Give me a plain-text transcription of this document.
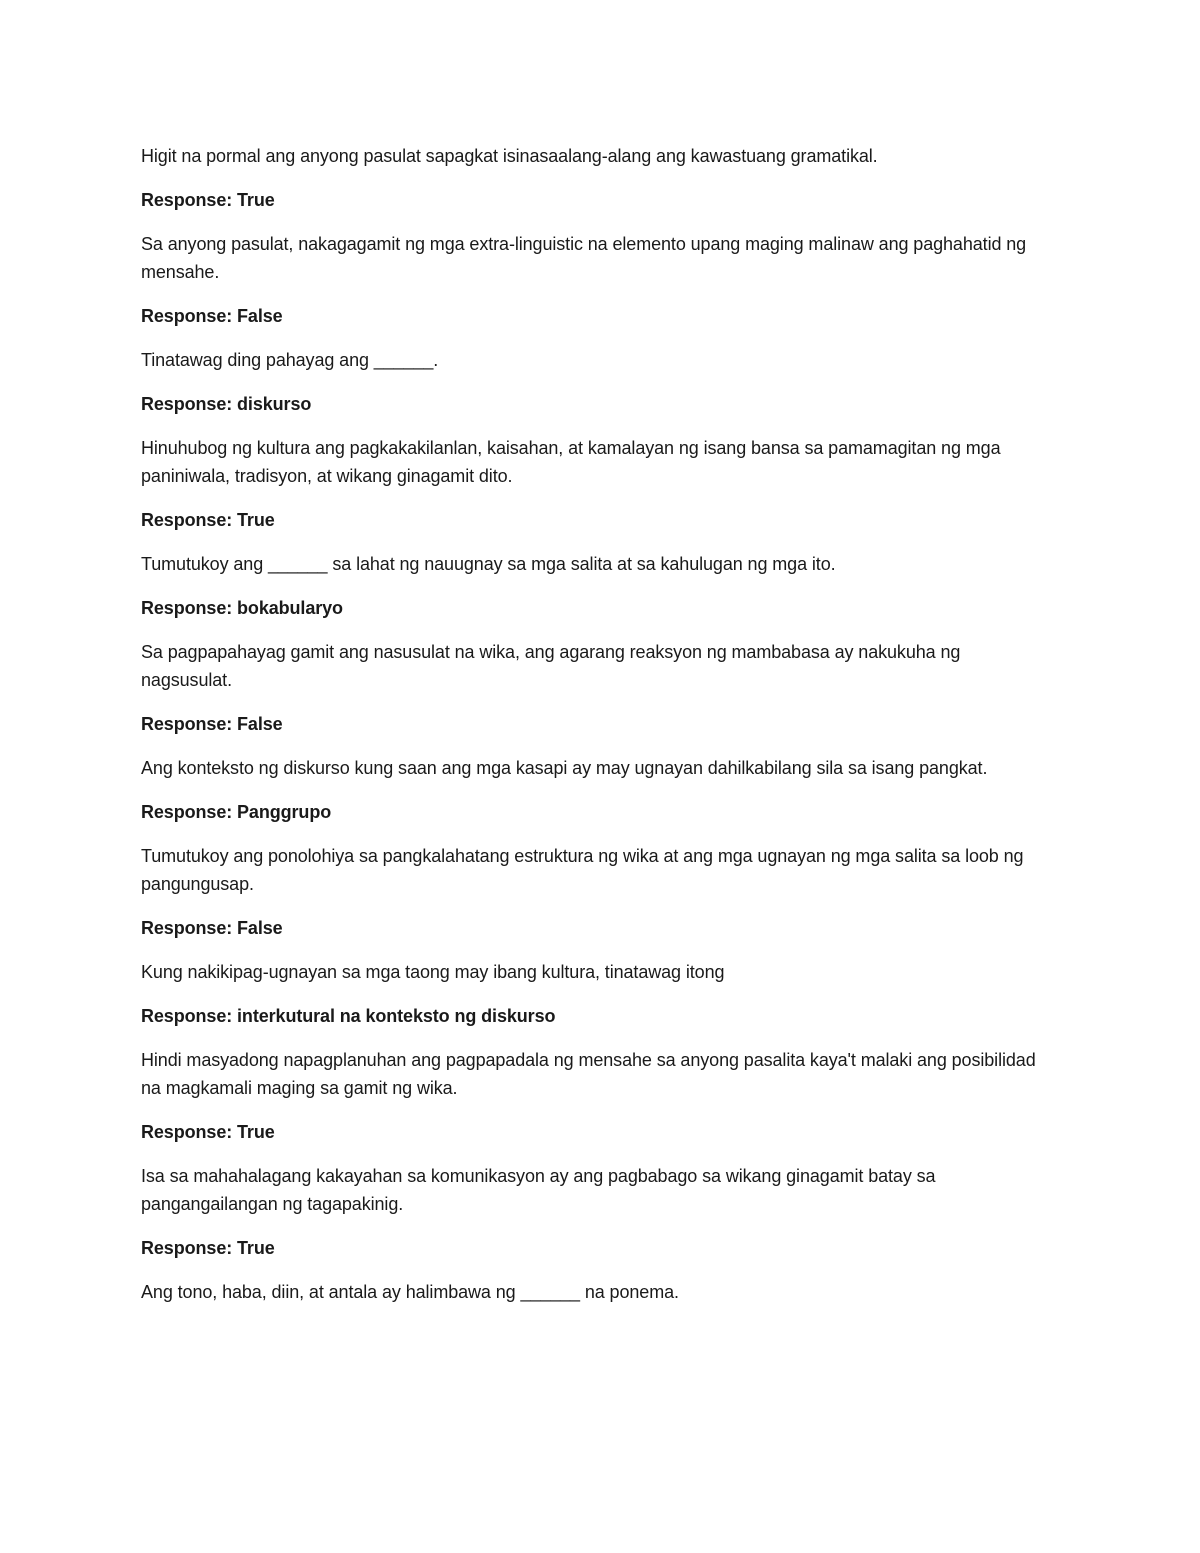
Higit na pormal ang anyong pasulat sapagkat isinasaalang-alang ang kawastuang gramatikal.

Response: True

Sa anyong pasulat, nakagagamit ng mga extra-linguistic na elemento upang maging malinaw ang paghahatid ng mensahe.

Response: False

Tinatawag ding pahayag ang ______.

Response: diskurso

Hinuhubog ng kultura ang pagkakakilanlan, kaisahan, at kamalayan ng isang bansa sa pamamagitan ng mga paniniwala, tradisyon, at wikang ginagamit dito.

Response: True

Tumutukoy ang ______ sa lahat ng nauugnay sa mga salita at sa kahulugan ng mga ito.

Response: bokabularyo

Sa pagpapahayag gamit ang nasusulat na wika, ang agarang reaksyon ng mambabasa ay nakukuha ng nagsusulat.

Response: False

Ang konteksto ng diskurso kung saan ang mga kasapi ay may ugnayan dahilkabilang sila sa isang pangkat.

Response: Panggrupo

Tumutukoy ang ponolohiya sa pangkalahatang estruktura ng wika at ang mga ugnayan ng mga salita sa loob ng pangungusap.

Response: False

Kung nakikipag-ugnayan sa mga taong may ibang kultura, tinatawag itong

Response: interkutural na konteksto ng diskurso

Hindi masyadong napagplanuhan ang pagpapadala ng mensahe sa anyong pasalita kaya't malaki ang posibilidad na magkamali maging sa gamit ng wika.

Response: True

Isa sa mahahalagang kakayahan sa komunikasyon ay ang pagbabago sa wikang ginagamit batay sa pangangailangan ng tagapakinig.

Response: True

Ang tono, haba, diin, at antala ay halimbawa ng ______ na ponema.
